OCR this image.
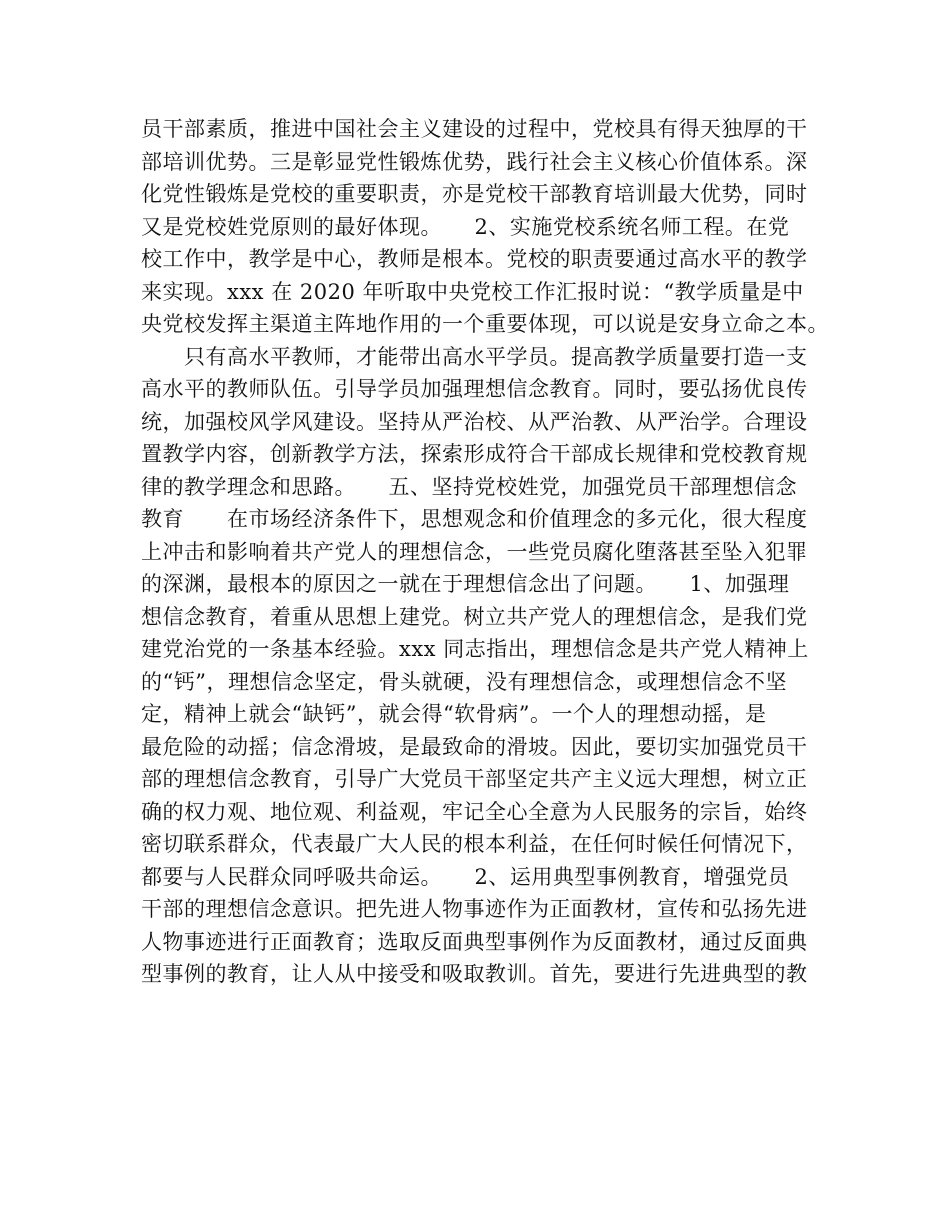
员干部素质，推进中国社会主义建设的过程中，党校具有得天独厚的干
部培训优势。三是彰显党性锻炼优势，践行社会主义核心价值体系。深
化党性锻炼是党校的重要职责，亦是党校干部教育培训最大优势，同时
又是党校姓党原则的最好体现。　　2、实施党校系统名师工程。在党
校工作中，教学是中心，教师是根本。党校的职责要通过高水平的教学
来实现。xxx 在 2020 年听取中央党校工作汇报时说：“教学质量是中
央党校发挥主渠道主阵地作用的一个重要体现，可以说是安身立命之本。
　　只有高水平教师，才能带出高水平学员。提高教学质量要打造一支
高水平的教师队伍。引导学员加强理想信念教育。同时，要弘扬优良传
统，加强校风学风建设。坚持从严治校、从严治教、从严治学。合理设
置教学内容，创新教学方法，探索形成符合干部成长规律和党校教育规
律的教学理念和思路。　　五、坚持党校姓党，加强党员干部理想信念
教育　　在市场经济条件下，思想观念和价值理念的多元化，很大程度
上冲击和影响着共产党人的理想信念，一些党员腐化堕落甚至坠入犯罪
的深渊，最根本的原因之一就在于理想信念出了问题。　　1、加强理
想信念教育，着重从思想上建党。树立共产党人的理想信念，是我们党
建党治党的一条基本经验。xxx 同志指出，理想信念是共产党人精神上
的“钙”，理想信念坚定，骨头就硬，没有理想信念，或理想信念不坚
定，精神上就会“缺钙”，就会得“软骨病”。一个人的理想动摇，是
最危险的动摇；信念滑坡，是最致命的滑坡。因此，要切实加强党员干
部的理想信念教育，引导广大党员干部坚定共产主义远大理想，树立正
确的权力观、地位观、利益观，牢记全心全意为人民服务的宗旨，始终
密切联系群众，代表最广大人民的根本利益，在任何时候任何情况下，
都要与人民群众同呼吸共命运。　　2、运用典型事例教育，增强党员
干部的理想信念意识。把先进人物事迹作为正面教材，宣传和弘扬先进
人物事迹进行正面教育；选取反面典型事例作为反面教材，通过反面典
型事例的教育，让人从中接受和吸取教训。首先，要进行先进典型的教
